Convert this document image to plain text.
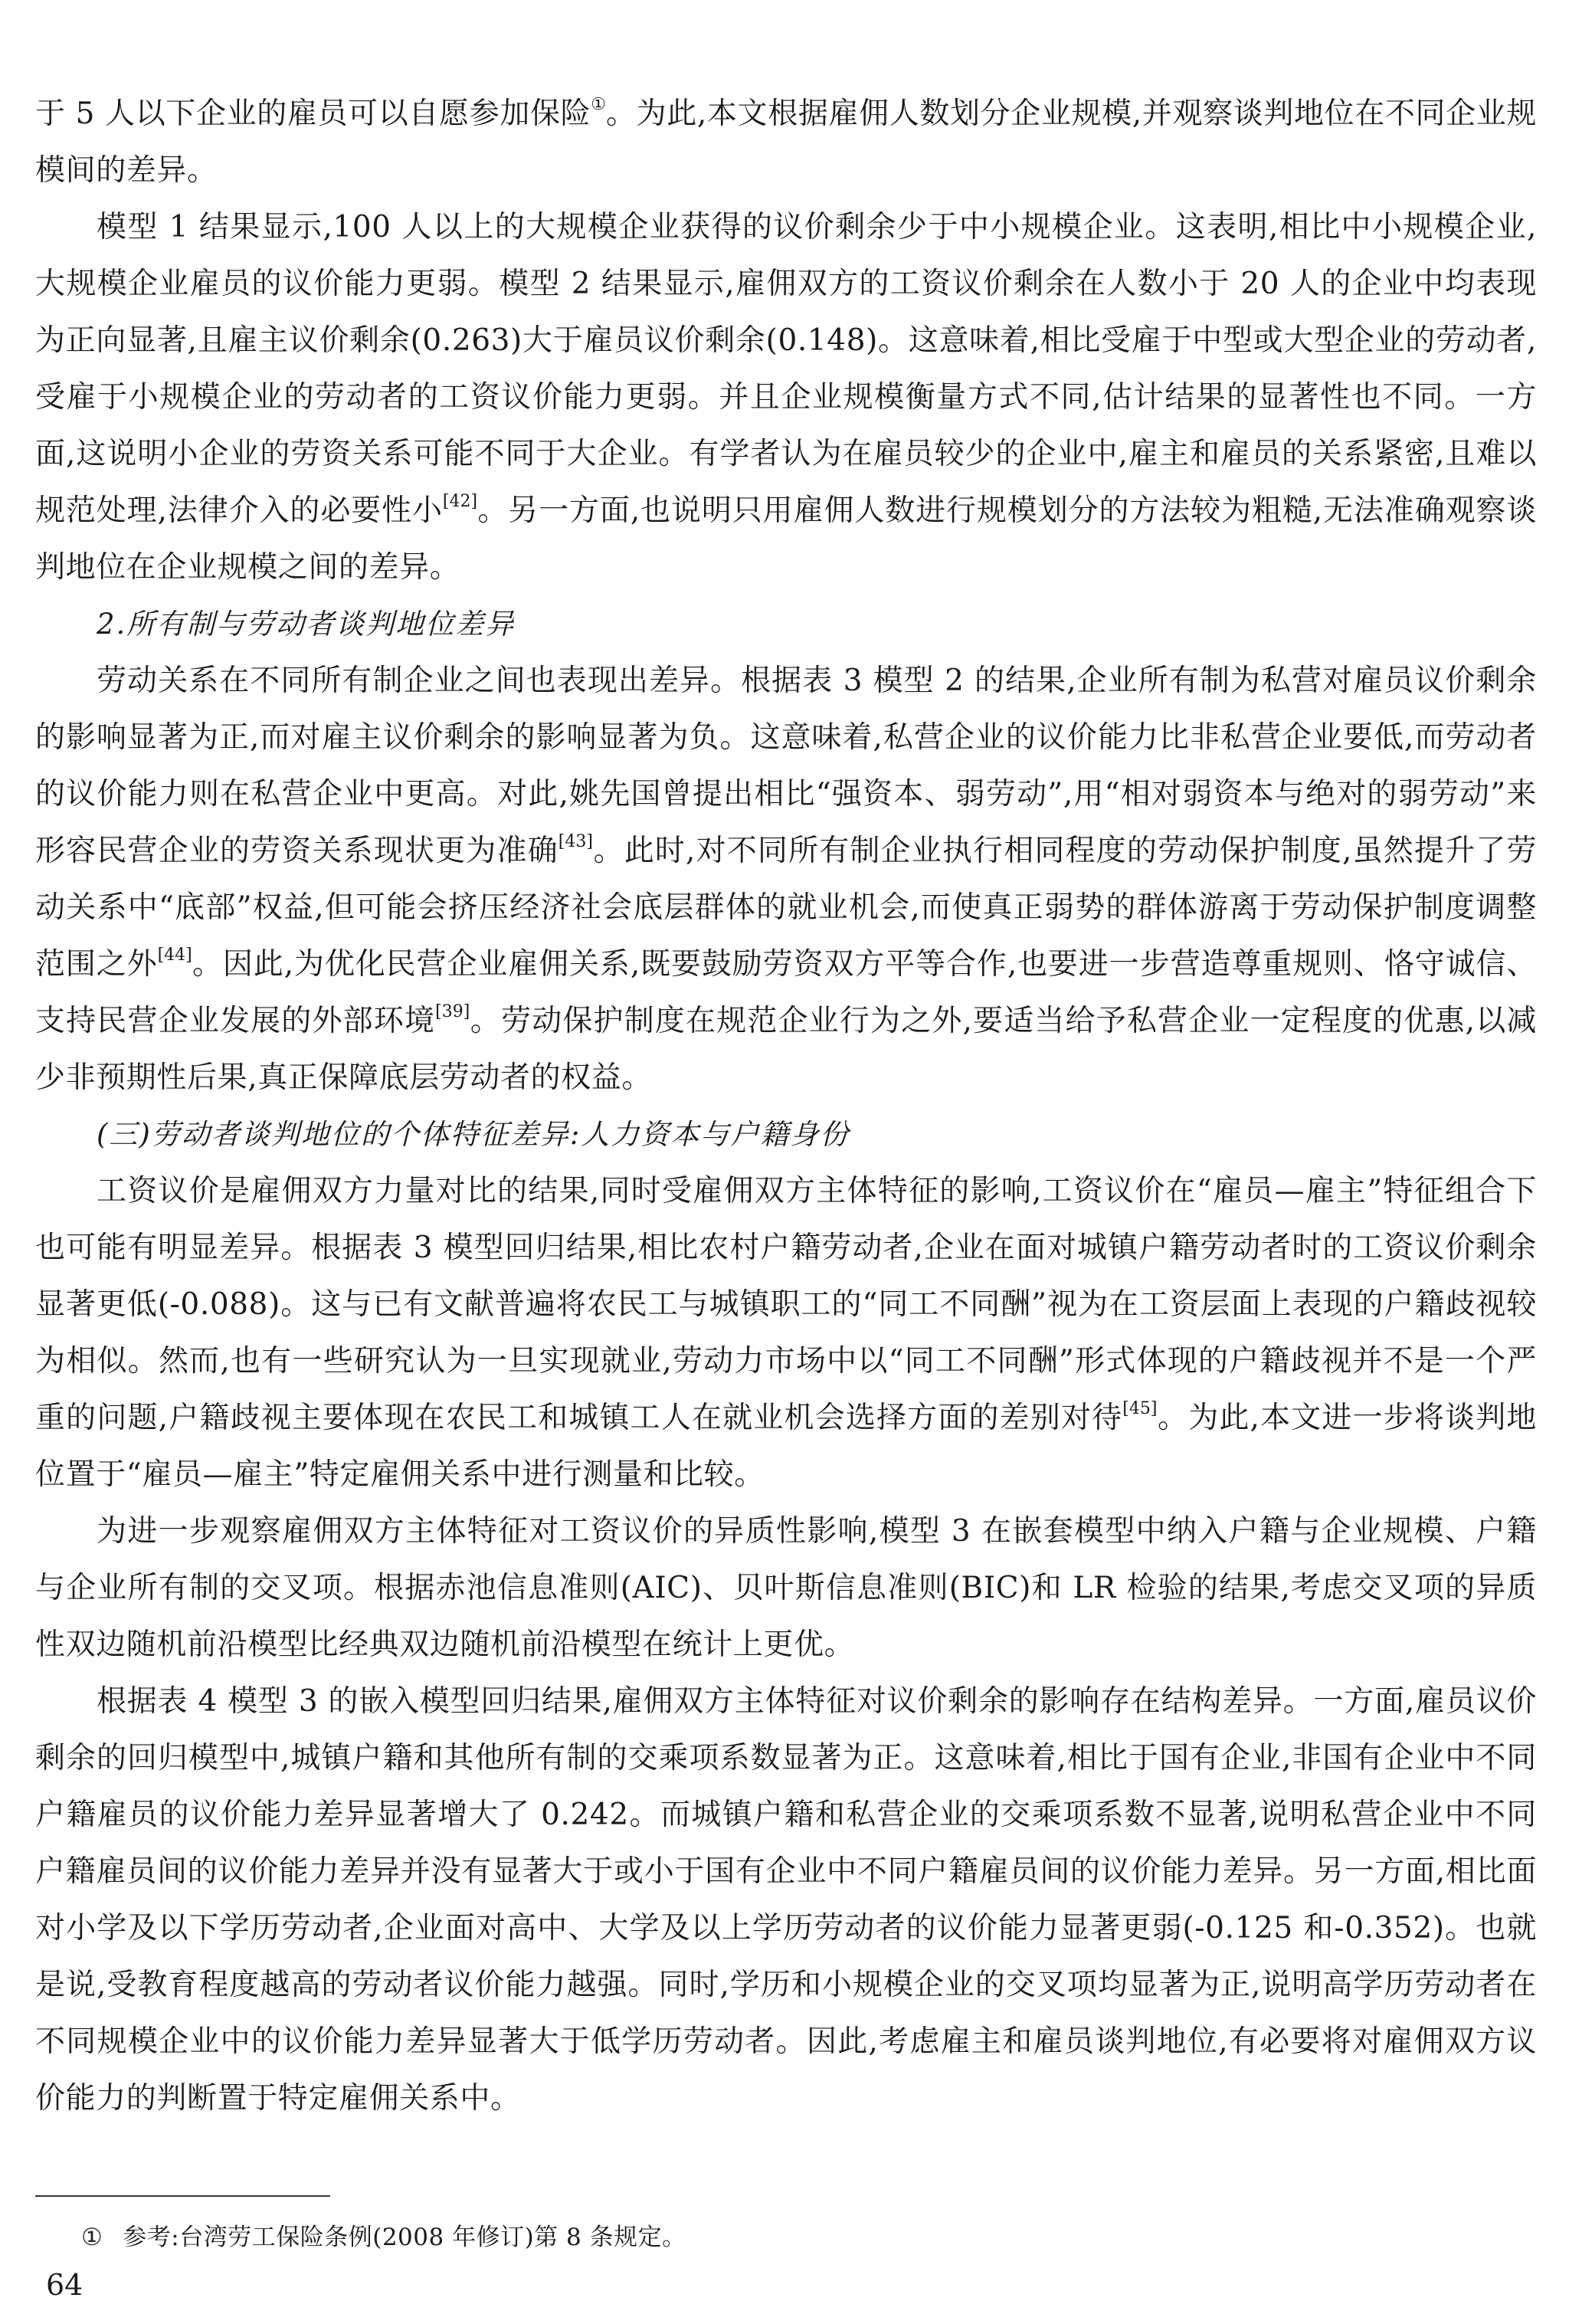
于 5 人以下企业的雇员可以自愿参加保险①。为此,本文根据雇佣人数划分企业规模,并观察谈判地位在不同企业规模间的差异。

模型 1 结果显示,100 人以上的大规模企业获得的议价剩余少于中小规模企业。这表明,相比中小规模企业,大规模企业雇员的议价能力更弱。模型 2 结果显示,雇佣双方的工资议价剩余在人数小于 20 人的企业中均表现为正向显著,且雇主议价剩余(0.263)大于雇员议价剩余(0.148)。这意味着,相比受雇于中型或大型企业的劳动者,受雇于小规模企业的劳动者的工资议价能力更弱。并且企业规模衡量方式不同,估计结果的显著性也不同。一方面,这说明小企业的劳资关系可能不同于大企业。有学者认为在雇员较少的企业中,雇主和雇员的关系紧密,且难以规范处理,法律介入的必要性小[42]。另一方面,也说明只用雇佣人数进行规模划分的方法较为粗糙,无法准确观察谈判地位在企业规模之间的差异。

2.所有制与劳动者谈判地位差异

劳动关系在不同所有制企业之间也表现出差异。根据表 3 模型 2 的结果,企业所有制为私营对雇员议价剩余的影响显著为正,而对雇主议价剩余的影响显著为负。这意味着,私营企业的议价能力比非私营企业要低,而劳动者的议价能力则在私营企业中更高。对此,姚先国曾提出相比“强资本、弱劳动”,用“相对弱资本与绝对的弱劳动”来形容民营企业的劳资关系现状更为准确[43]。此时,对不同所有制企业执行相同程度的劳动保护制度,虽然提升了劳动关系中“底部”权益,但可能会挤压经济社会底层群体的就业机会,而使真正弱势的群体游离于劳动保护制度调整范围之外[44]。因此,为优化民营企业雇佣关系,既要鼓励劳资双方平等合作,也要进一步营造尊重规则、恪守诚信、支持民营企业发展的外部环境[39]。劳动保护制度在规范企业行为之外,要适当给予私营企业一定程度的优惠,以减少非预期性后果,真正保障底层劳动者的权益。

(三)劳动者谈判地位的个体特征差异:人力资本与户籍身份

工资议价是雇佣双方力量对比的结果,同时受雇佣双方主体特征的影响,工资议价在“雇员—雇主”特征组合下也可能有明显差异。根据表 3 模型回归结果,相比农村户籍劳动者,企业在面对城镇户籍劳动者时的工资议价剩余显著更低(-0.088)。这与已有文献普遍将农民工与城镇职工的“同工不同酬”视为在工资层面上表现的户籍歧视较为相似。然而,也有一些研究认为一旦实现就业,劳动力市场中以“同工不同酬”形式体现的户籍歧视并不是一个严重的问题,户籍歧视主要体现在农民工和城镇工人在就业机会选择方面的差别对待[45]。为此,本文进一步将谈判地位置于“雇员—雇主”特定雇佣关系中进行测量和比较。

为进一步观察雇佣双方主体特征对工资议价的异质性影响,模型 3 在嵌套模型中纳入户籍与企业规模、户籍与企业所有制的交叉项。根据赤池信息准则(AIC)、贝叶斯信息准则(BIC)和 LR 检验的结果,考虑交叉项的异质性双边随机前沿模型比经典双边随机前沿模型在统计上更优。

根据表 4 模型 3 的嵌入模型回归结果,雇佣双方主体特征对议价剩余的影响存在结构差异。一方面,雇员议价剩余的回归模型中,城镇户籍和其他所有制的交乘项系数显著为正。这意味着,相比于国有企业,非国有企业中不同户籍雇员的议价能力差异显著增大了 0.242。而城镇户籍和私营企业的交乘项系数不显著,说明私营企业中不同户籍雇员间的议价能力差异并没有显著大于或小于国有企业中不同户籍雇员间的议价能力差异。另一方面,相比面对小学及以下学历劳动者,企业面对高中、大学及以上学历劳动者的议价能力显著更弱(-0.125 和-0.352)。也就是说,受教育程度越高的劳动者议价能力越强。同时,学历和小规模企业的交叉项均显著为正,说明高学历劳动者在不同规模企业中的议价能力差异显著大于低学历劳动者。因此,考虑雇主和雇员谈判地位,有必要将对雇佣双方议价能力的判断置于特定雇佣关系中。

① 参考:台湾劳工保险条例(2008 年修订)第 8 条规定。
64
